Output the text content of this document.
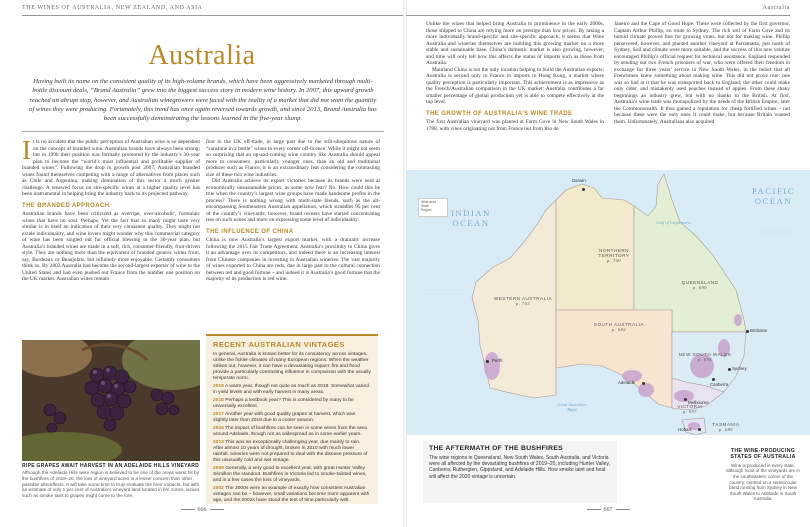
THE WINES OF AUSTRALIA, NEW ZEALAND, AND ASIA
Australia

Having built its name on the consistent quality of its high-volume brands, which have been aggressively marketed through multi-bottle discount deals, “Brand Australia” grew into the biggest success story in modern wine history. In 2007, this upward growth reached an abrupt stop, however, and Australian winegrowers were faced with the reality of a market that did not want the quantity of wines they were producing. Fortunately, this trend has once again reversed towards growth, and since 2013, Brand Australia has been successfully demonstrating the lessons learned in the five-year slump.

It is no accident that the public perception of Australian wine is so dependent on the concept of branded wine. Australian brands have always been strong; but in 1996 their position was formally promoted by the industry’s 30-year plan to become the “world’s most influential and profitable supplier of branded wines”. Following the drop in growth post 2007, Australian branded wines found themselves competing with a range of alternatives from places such as Chile and Argentina, making domination of this sector a much greater challenge. A renewed focus on site-specific wines at a higher quality level has been instrumental in helping bring the industry back to its projected pathway.

THE BRANDED APPROACH

Australian brands have been criticized as overripe, over-alcoholic, formulaic wines that have no soul. Perhaps. Yet the fact that so many might taste very similar is in itself an indication of their very consistent quality. They might not exude individuality, and wine lovers might wonder why this commercial category of wine has been singled out for official blessing in the 30-year plan, but Australia’s branded wines are made in a soft, rich, consumer-friendly, fruit-driven style. They are nothing more than the equivalent of branded generic wines from, say, Bordeaux or Beaujolais, but infinitely more enjoyable. Certainly consumers think so. By 2003 Australia had become the second-largest exporter of wine to the United States and had even pushed out France from the number one position on the UK market. Australian wines remain

first in the UK off-trade, in large part due to the still-ubiquitous nature of “sunshine in a bottle” wines in every corner off-licence. While it might not seem so surprising that an up-and-coming wine country like Australia should appeal more to consumers, particularly younger ones, than an old and traditional producer such as France, it is an extraordinary feat considering the contrasting size of these two wine industries.

Did Australia achieve its export victories because its brands were sold at economically unsustainable prices, as some now fear? No. How could this be true when the country’s largest wine groups have made handsome profits in the process? There is nothing wrong with multi-state blends, such as the all-encompassing Southeastern Australian appellation, which straddles 95 per cent of the country’s vineyards; however, brand owners have started concentrating less on such wines and more on expressing some level of individuality.

THE INFLUENCE OF CHINA

China is now Australia’s largest export market, with a dramatic increase following the 2015 Fair Trade Agreement. Australia’s proximity to China gives it an advantage over its competitors, and indeed there is an increasing interest from Chinese companies in investing in Australian wineries. The vast majority of wines exported to China are reds, due in large part to the cultural connection between red and good fortune – and indeed it is Australia’s good fortune that the majority of its production is red wine.

RIPE GRAPES AWAIT HARVEST IN AN ADELAIDE HILLS VINEYARD
Although the Adelaide Hills were region is believed to be one of the areas worst hit by the bushfires of 2019–20, the loss of vineyard acres is a lesser concern than other possible aftereffects. It will take some time to truly evaluate the fires’ impacts, but with an estimate of only 1 per cent of Australia’s vineyard land located in fire zones, issues such as smoke taint to grapes might come to the fore.
RECENT AUSTRALIAN VINTAGES

In general, Australia is known better for its consistency across vintages, unlike the fickler climates of many European regions. When the weather strikes out, however, it can have a devastating impact: fire and flood provide a particularly contrasting influence in comparison with the usually temperate norm.

2019 A warm year, though not quite as much as 2018. Somewhat varied in yield levels and with early harvest in many areas.

2018 Perhaps a textbook year? This is considered by many to be universally excellent.

2017 Another year with good quality grapes at harvest, which was slightly later than 2018 due to a cooler season.

2015 The impact of bushfires can be seen in some wines from the area around Adelaide, though not as widespread as in some earlier years.

2013 This was an exceptionally challenging year, due mainly to rain. After almost 10 years of drought, broken in 2010 with much lower rainfall, wineries were not prepared to deal with the disease pressure of this unusually cold and wet vintage.

2009 Generally, a very good to excellent year, with great Hunter Valley Sémillon the standout. Bushfires in Victoria led to smoke-tainted wines, and in a few cases the loss of vineyards.

2002 The 2000s were an example of exactly how consistent Australian vintages can be – however, small variations become more apparent with age, and the 2002s have stood the test of time particularly well.

666
Australia

Unlike the wines that helped bring Australia to prominence in the early 2000s, those shipped to China are relying more on prestige than low prices. By taking a more individually brand-specific and site-specific approach, it seems that Wine Australia and wineries themselves are building this growing market on a more stable and sustainable base. China’s domestic market is also growing, however, and time will only tell how this affects the status of imports such as those from Australia.

Mainland China is not the only location helping to build the Australian exports: Australia is second only to France in imports to Hong Kong, a market where quality perception is particularly important. This achievement is as impressive as the French/Australian comparison in the UK market: Australia contributes a far smaller percentage of global production yet is able to compete effectively at the top level.

THE GROWTH OF AUSTRALIA’S WINE TRADE

The first Australian vineyard was planted at Farm Cove in New South Wales in 1788, with vines originating not from France but from Rio de

Janeiro and the Cape of Good Hope. These were collected by the first governor, Captain Arthur Phillip, en route to Sydney. The rich soil of Farm Cove and its humid climate proved fine for growing vines, but not for making wine. Phillip persevered, however, and planted another vineyard at Parramatta, just north of Sydney. Soil and climate were more suitable, and the success of this new venture encouraged Phillip’s official request for technical assistance. England responded by sending out two French prisoners of war, who were offered their freedom in exchange for three years’ service in New South Wales, in the belief that all Frenchmen knew something about making wine. This did not prove true: one was so bad at it that he was transported back to England; the other could make only cider, and mistakenly used peaches instead of apples. From these shaky beginnings an industry grew, but with no thanks to the British. At first, Australia’s wine trade was monopolized by the needs of the British Empire, later the Commonwealth. It thus gained a reputation for cheap fortified wines – not because these were the only ones it could make, but because Britain wanted them. Unfortunately, Australians also acquired

Wine area
State
Region	INDIAN OCEAN
PACIFIC OCEAN
Gulf of Carpentaria
Great Australian Bight
NORTHERN TERRITORY
p. 700
QUEENSLAND
p. 699
WESTERN AUSTRALIA
p. 703
SOUTH AUSTRALIA
p. 682
NEW SOUTH WALES
p. 694
VICTORIA
p. 697
TASMANIA
p. 689
Darwin
Brisbane
Perth
Adelaide
Sydney
Canberra
Melbourne
Hobart
THE AFTERMATH OF THE BUSHFIRES
The wine regions in Queensland, New South Wales, South Australia, and Victoria were all affected by the devastating bushfires of 2019–20, including Hunter Valley, Canberra, Rutherglen, Gippsland, and Adelaide Hills. How smoke taint and heat will affect the 2020 vintage is uncertain.
THE WINE-PRODUCING STATES OF AUSTRALIA
Wine is produced in every state, although most of the vineyards are in the southeastern corner of the country, centred on a semicircular band running from Sydney in New South Wales to Adelaide in South Australia.
667
